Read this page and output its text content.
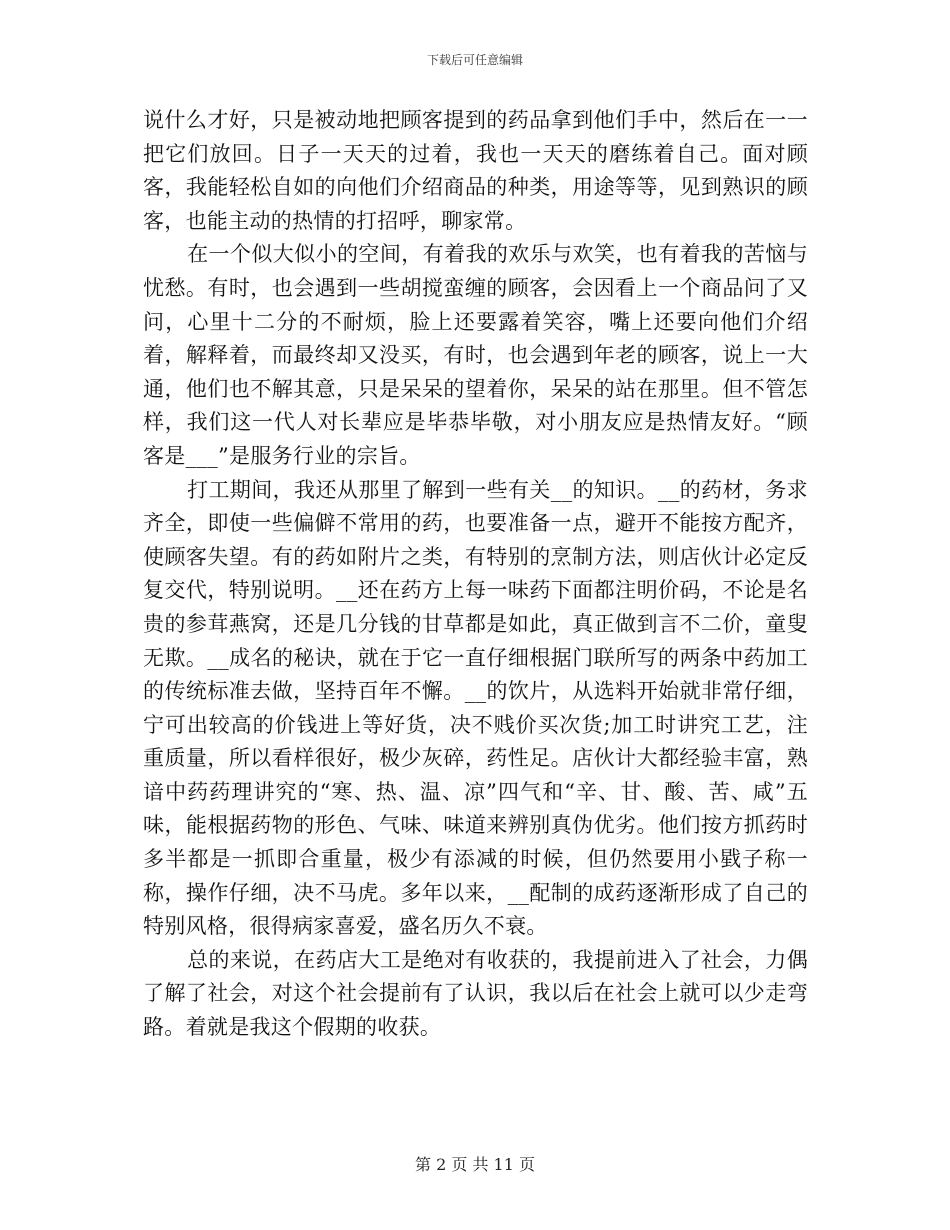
下载后可任意编辑

说什么才好，只是被动地把顾客提到的药品拿到他们手中，然后在一一把它们放回。日子一天天的过着，我也一天天的磨练着自己。面对顾客，我能轻松自如的向他们介绍商品的种类，用途等等，见到熟识的顾客，也能主动的热情的打招呼，聊家常。

在一个似大似小的空间，有着我的欢乐与欢笑，也有着我的苦恼与忧愁。有时，也会遇到一些胡搅蛮缠的顾客，会因看上一个商品问了又问，心里十二分的不耐烦，脸上还要露着笑容，嘴上还要向他们介绍着，解释着，而最终却又没买，有时，也会遇到年老的顾客，说上一大通，他们也不解其意，只是呆呆的望着你，呆呆的站在那里。但不管怎样，我们这一代人对长辈应是毕恭毕敬，对小朋友应是热情友好。“顾客是___”是服务行业的宗旨。

打工期间，我还从那里了解到一些有关__的知识。__的药材，务求齐全，即使一些偏僻不常用的药，也要准备一点，避开不能按方配齐，使顾客失望。有的药如附片之类，有特别的烹制方法，则店伙计必定反复交代，特别说明。__还在药方上每一味药下面都注明价码，不论是名贵的参茸燕窝，还是几分钱的甘草都是如此，真正做到言不二价，童叟无欺。__成名的秘诀，就在于它一直仔细根据门联所写的两条中药加工的传统标准去做，坚持百年不懈。__的饮片，从选料开始就非常仔细，宁可出较高的价钱进上等好货，决不贱价买次货;加工时讲究工艺，注重质量，所以看样很好，极少灰碎，药性足。店伙计大都经验丰富，熟谙中药药理讲究的“寒、热、温、凉”四气和“辛、甘、酸、苦、咸”五味，能根据药物的形色、气味、味道来辨别真伪优劣。他们按方抓药时多半都是一抓即合重量，极少有添减的时候，但仍然要用小戥子称一称，操作仔细，决不马虎。多年以来，__配制的成药逐渐形成了自己的特别风格，很得病家喜爱，盛名历久不衰。

总的来说，在药店大工是绝对有收获的，我提前进入了社会，力偶了解了社会，对这个社会提前有了认识，我以后在社会上就可以少走弯路。着就是我这个假期的收获。

第 2 页 共 11 页
